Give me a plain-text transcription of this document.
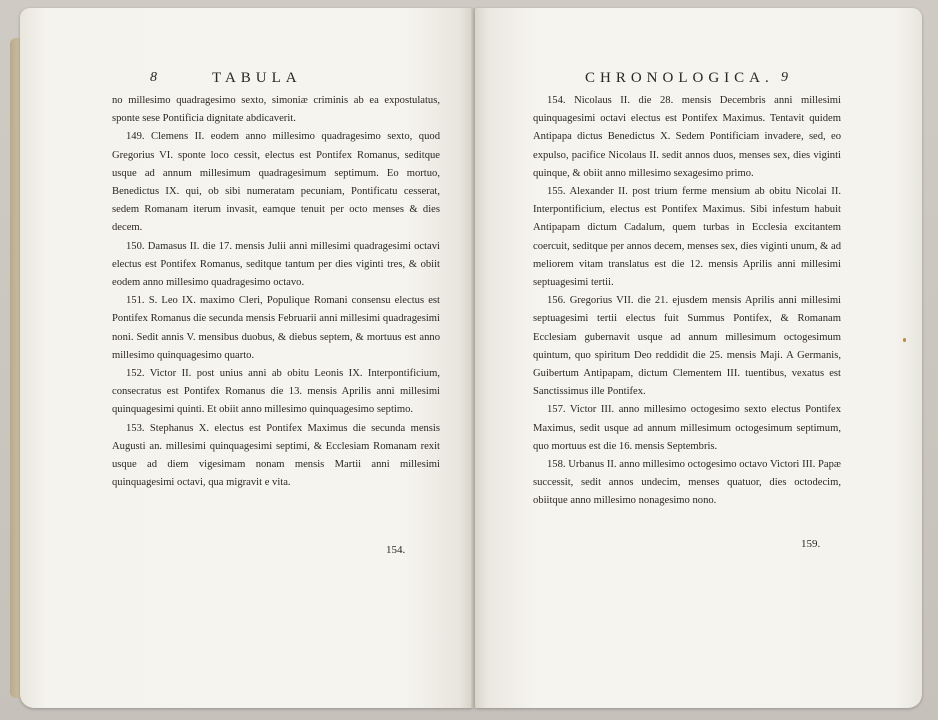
8	TABULA

no millesimo quadragesimo sexto, simoniæ criminis ab ea expostulatus, sponte sese Pontificia dignitate abdicaverit.

149. Clemens II. eodem anno millesimo quadragesimo sexto, quod Gregorius VI. sponte loco cessit, electus est Pontifex Romanus, seditque usque ad annum millesimum quadragesimum septimum. Eo mortuo, Benedictus IX. qui, ob sibi numeratam pecuniam, Pontificatu cesserat, sedem Romanam iterum invasit, eamque tenuit per octo menses & dies decem.

150. Damasus II. die 17. mensis Julii anni millesimi quadragesimi octavi electus est Pontifex Romanus, seditque tantum per dies viginti tres, & obiit eodem anno millesimo quadragesimo octavo.

151. S. Leo IX. maximo Cleri, Populique Romani consensu electus est Pontifex Romanus die secunda mensis Februarii anni millesimi quadragesimi noni. Sedit annis V. mensibus duobus, & diebus septem, & mortuus est anno millesimo quinquagesimo quarto.

152. Victor II. post unius anni ab obitu Leonis IX. Interpontificium, consecratus est Pontifex Romanus die 13. mensis Aprilis anni millesimi quinquagesimi quinti. Et obiit anno millesimo quinquagesimo septimo.

153. Stephanus X. electus est Pontifex Maximus die secunda mensis Augusti an. millesimi quinquagesimi septimi, & Ecclesiam Romanam rexit usque ad diem vigesimam nonam mensis Martii anni millesimi quinquagesimi octavi, qua migravit e vita.

154.
CHRONOLOGICA. 9

154. Nicolaus II. die 28. mensis Decembris anni millesimi quinquagesimi octavi electus est Pontifex Maximus. Tentavit quidem Antipapa dictus Benedictus X. Sedem Pontificiam invadere, sed, eo expulso, pacifice Nicolaus II. sedit annos duos, menses sex, dies viginti quinque, & obiit anno millesimo sexagesimo primo.

155. Alexander II. post trium ferme mensium ab obitu Nicolai II. Interpontificium, electus est Pontifex Maximus. Sibi infestum habuit Antipapam dictum Cadalum, quem turbas in Ecclesia excitantem coercuit, seditque per annos decem, menses sex, dies viginti unum, & ad meliorem vitam translatus est die 12. mensis Aprilis anni millesimi septuagesimi tertii.

156. Gregorius VII. die 21. ejusdem mensis Aprilis anni millesimi septuagesimi tertii electus fuit Summus Pontifex, & Romanam Ecclesiam gubernavit usque ad annum millesimum octogesimum quintum, quo spiritum Deo reddidit die 25. mensis Maji. A Germanis, Guibertum Antipapam, dictum Clementem III. tuentibus, vexatus est Sanctissimus ille Pontifex.

157. Victor III. anno millesimo octogesimo sexto electus Pontifex Maximus, sedit usque ad annum millesimum octogesimum septimum, quo mortuus est die 16. mensis Septembris.

158. Urbanus II. anno millesimo octogesimo octavo Victori III. Papæ successit, sedit annos undecim, menses quatuor, dies octodecim, obiitque anno millesimo nonagesimo nono.

159.
